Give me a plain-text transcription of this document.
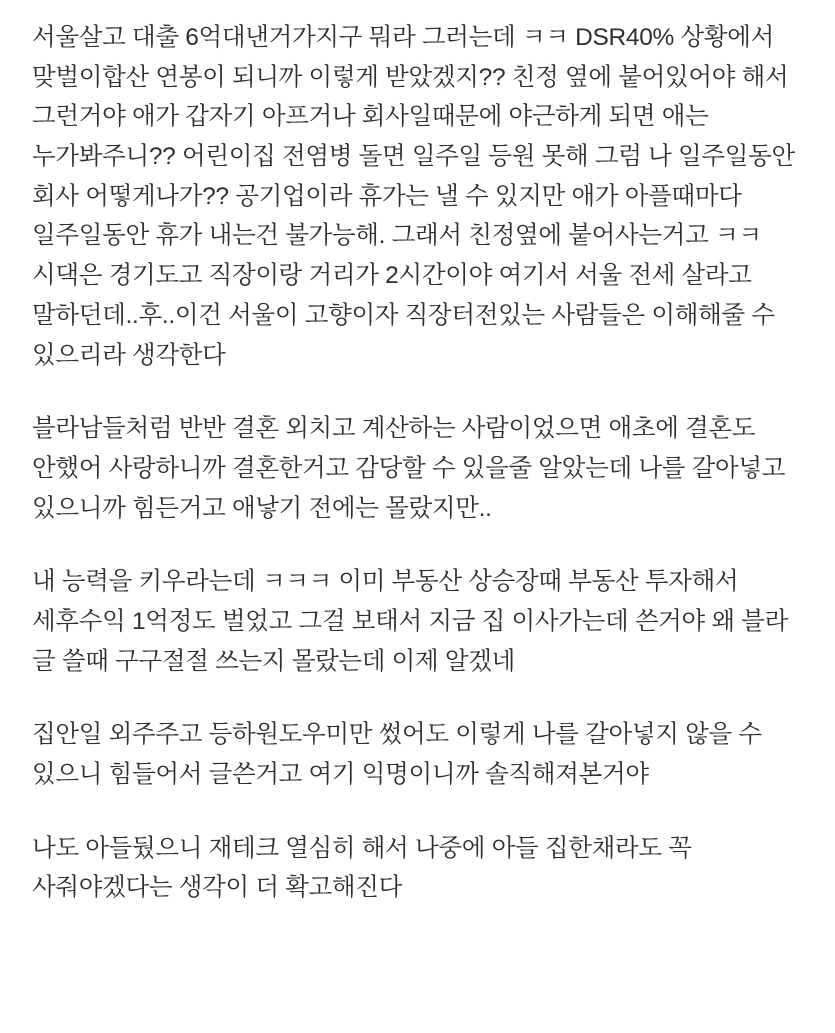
서울살고 대출 6억대낸거가지구 뭐라 그러는데 ㅋㅋ DSR40% 상황에서 맞벌이합산 연봉이 되니까 이렇게 받았겠지?? 친정 옆에 붙어있어야 해서 그런거야 애가 갑자기 아프거나 회사일때문에 야근하게 되면 애는 누가봐주니?? 어린이집 전염병 돌면 일주일 등원 못해 그럼 나 일주일동안 회사 어떻게나가?? 공기업이라 휴가는 낼 수 있지만 애가 아플때마다 일주일동안 휴가 내는건 불가능해. 그래서 친정옆에 붙어사는거고 ㅋㅋ 시댁은 경기도고 직장이랑 거리가 2시간이야 여기서 서울 전세 살라고 말하던데..후..이건 서울이 고향이자 직장터전있는 사람들은 이해해줄 수 있으리라 생각한다

블라남들처럼 반반 결혼 외치고 계산하는 사람이었으면 애초에 결혼도 안했어 사랑하니까 결혼한거고 감당할 수 있을줄 알았는데 나를 갈아넣고 있으니까 힘든거고 애낳기 전에는 몰랐지만..

내 능력을 키우라는데 ㅋㅋㅋ 이미 부동산 상승장때 부동산 투자해서 세후수익 1억정도 벌었고 그걸 보태서 지금 집 이사가는데 쓴거야 왜 블라 글 쓸때 구구절절 쓰는지 몰랐는데 이제 알겠네

집안일 외주주고 등하원도우미만 썼어도 이렇게 나를 갈아넣지 않을 수 있으니 힘들어서 글쓴거고 여기 익명이니까 솔직해져본거야

나도 아들뒀으니 재테크 열심히 해서 나중에 아들 집한채라도 꼭 사줘야겠다는 생각이 더 확고해진다
